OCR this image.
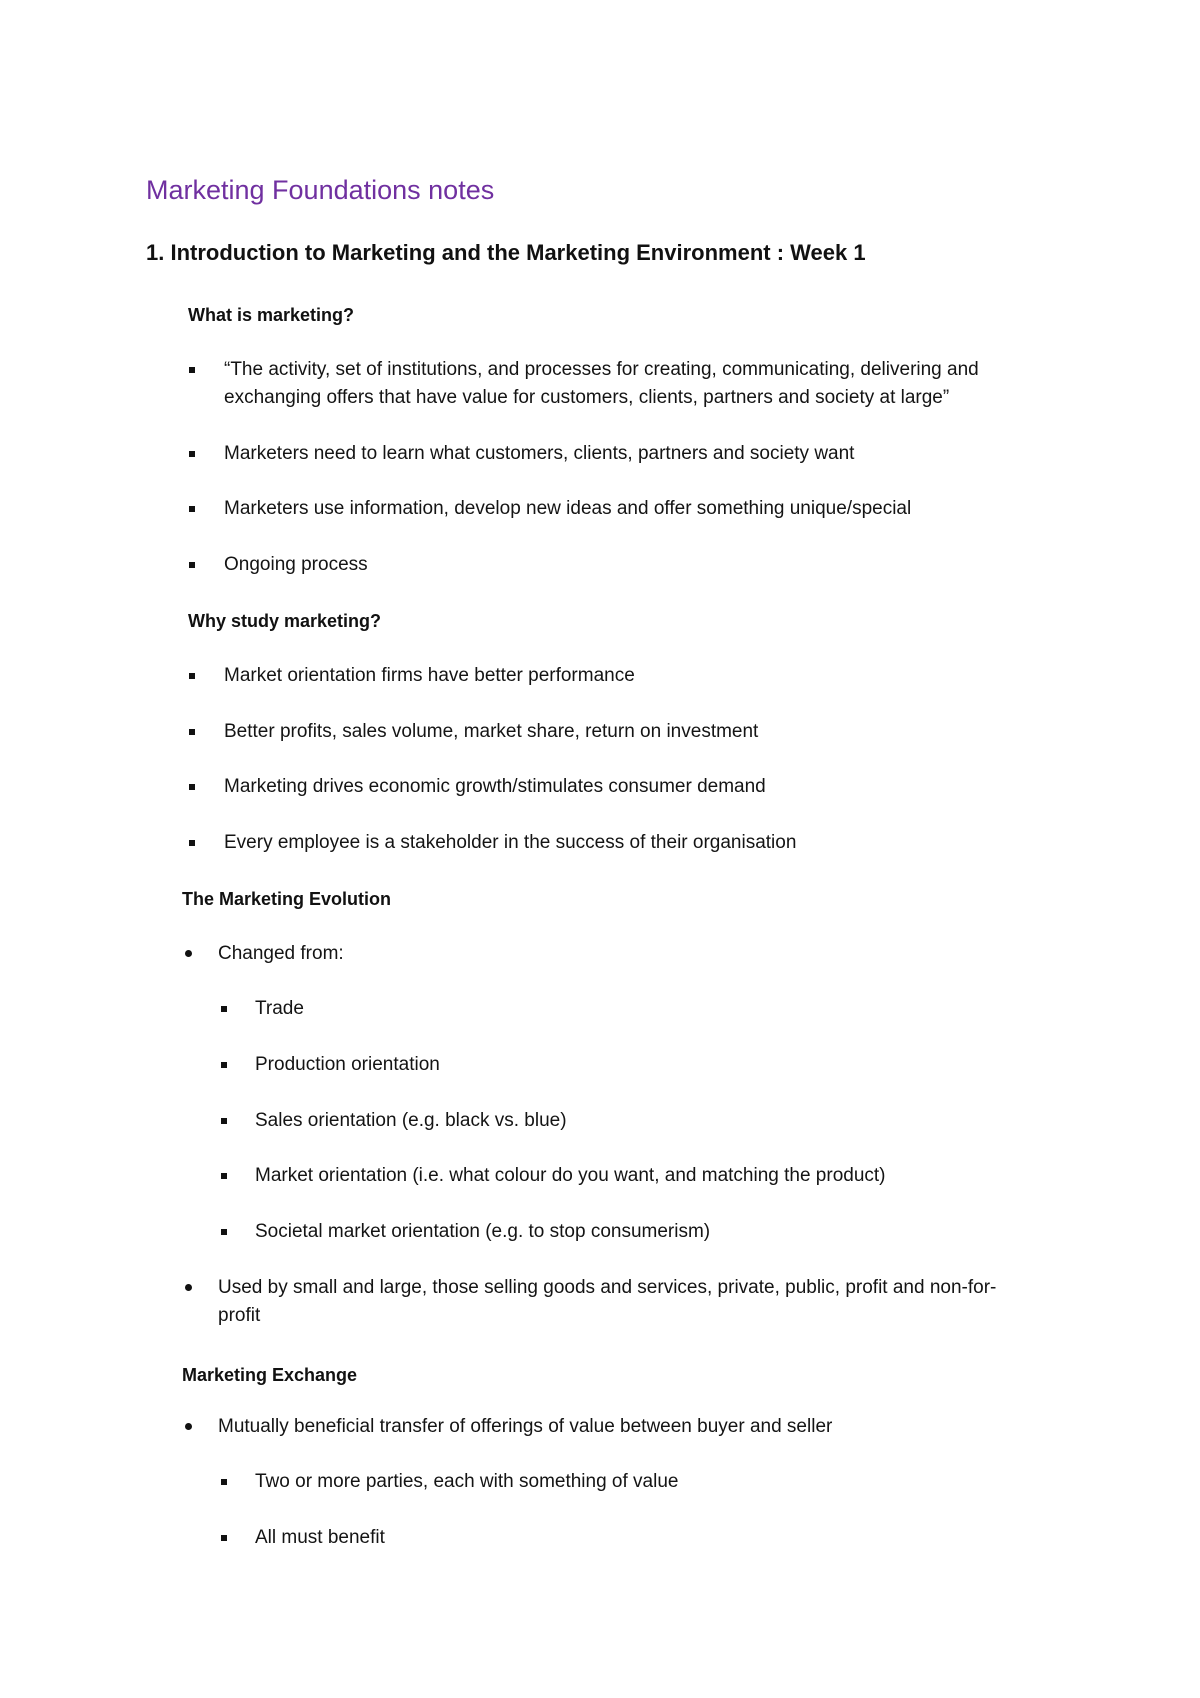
Marketing Foundations notes
1. Introduction to Marketing and the Marketing Environment : Week 1
What is marketing?
“The activity, set of institutions, and processes for creating, communicating, delivering and
exchanging offers that have value for customers, clients, partners and society at large”
Marketers need to learn what customers, clients, partners and society want
Marketers use information, develop new ideas and offer something unique/special
Ongoing process
Why study marketing?
Market orientation firms have better performance
Better profits, sales volume, market share, return on investment
Marketing drives economic growth/stimulates consumer demand
Every employee is a stakeholder in the success of their organisation
The Marketing Evolution
Changed from:
Trade
Production orientation
Sales orientation (e.g. black vs. blue)
Market orientation (i.e. what colour do you want, and matching the product)
Societal market orientation (e.g. to stop consumerism)
Used by small and large, those selling goods and services, private, public, profit and non-for-
profit
Marketing Exchange
Mutually beneficial transfer of offerings of value between buyer and seller
Two or more parties, each with something of value
All must benefit
